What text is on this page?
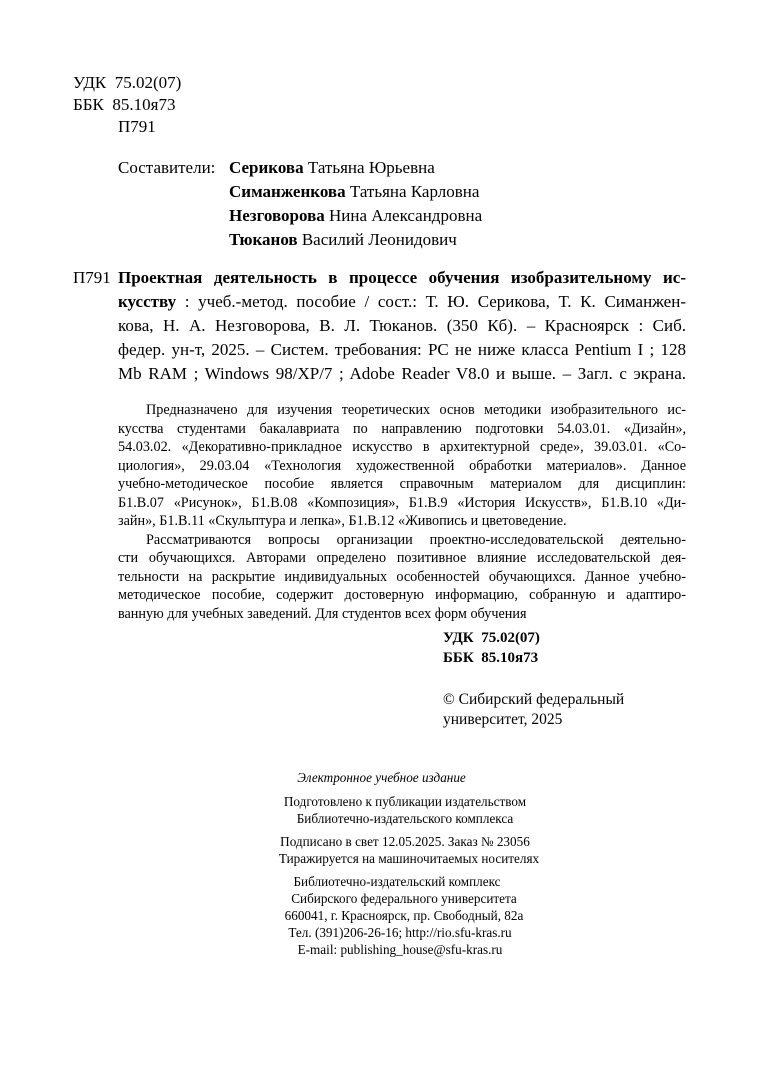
УДК 75.02(07)
ББК 85.10я73
П791
Составители: Серикова Татьяна Юрьевна
Симанженкова Татьяна Карловна
Незговорова Нина Александровна
Тюканов Василий Леонидович
П791 Проектная деятельность в процессе обучения изобразительному ис-
кусству : учеб.-метод. пособие / сост.: Т. Ю. Серикова, Т. К. Симанжен-
кова, Н. А. Незговорова, В. Л. Тюканов. (350 Кб). – Красноярск : Сиб.
федер. ун-т, 2025. – Систем. требования: PC не ниже класса Pentium I ; 128
Mb RAM ; Windows 98/XP/7 ; Adobe Reader V8.0 и выше. – Загл. с экрана.
Предназначено для изучения теоретических основ методики изобразительного ис-
кусства студентами бакалавриата по направлению подготовки 54.03.01. «Дизайн»,
54.03.02. «Декоративно-прикладное искусство в архитектурной среде», 39.03.01. «Со-
циология», 29.03.04 «Технология художественной обработки материалов». Данное
учебно-методическое пособие является справочным материалом для дисциплин:
Б1.В.07 «Рисунок», Б1.В.08 «Композиция», Б1.В.9 «История Искусств», Б1.В.10 «Ди-
зайн», Б1.В.11 «Скульптура и лепка», Б1.В.12 «Живопись и цветоведение.
Рассматриваются вопросы организации проектно-исследовательской деятельно-
сти обучающихся. Авторами определено позитивное влияние исследовательской дея-
тельности на раскрытие индивидуальных особенностей обучающихся. Данное учебно-
методическое пособие, содержит достоверную информацию, собранную и адаптиро-
ванную для учебных заведений. Для студентов всех форм обучения
УДК  75.02(07)
ББК  85.10я73
© Сибирский федеральный
университет, 2025
Электронное учебное издание
Подготовлено к публикации издательством
Библиотечно-издательского комплекса
Подписано в свет 12.05.2025. Заказ № 23056
Тиражируется на машиночитаемых носителях
Библиотечно-издательский комплекс
Сибирского федерального университета
660041, г. Красноярск, пр. Свободный, 82а
Тел. (391)206-26-16; http://rio.sfu-kras.ru
E-mail: publishing_house@sfu-kras.ru
